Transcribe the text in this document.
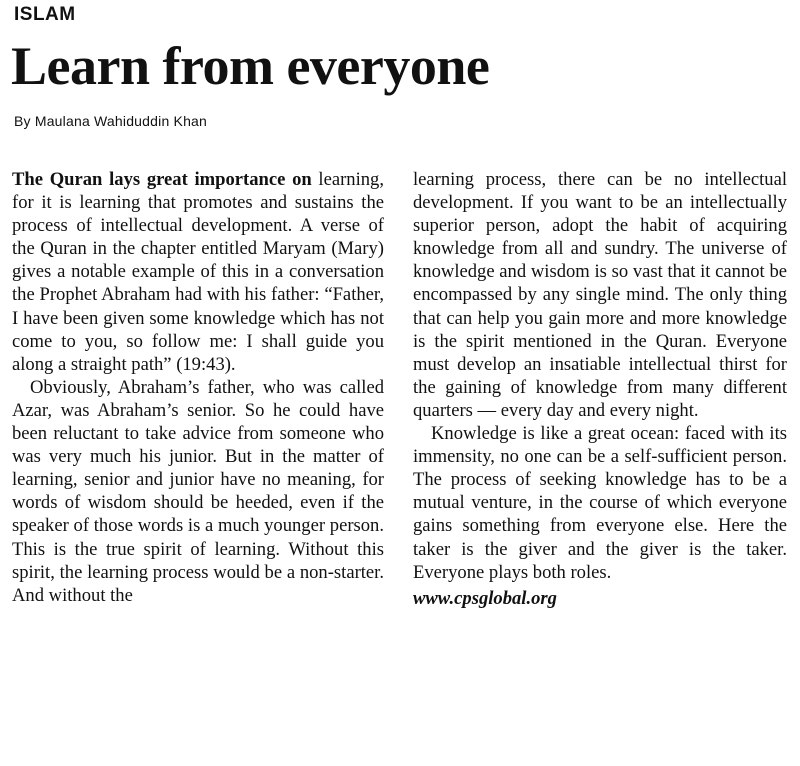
ISLAM
Learn from everyone
By Maulana Wahiduddin Khan

The Quran lays great importance on learning, for it is learning that promotes and sustains the process of intellectual development. A verse of the Quran in the chapter entitled Maryam (Mary) gives a notable example of this in a conversation the Prophet Abraham had with his father: “Father, I have been given some knowledge which has not come to you, so follow me: I shall guide you along a straight path” (19:43).

Obviously, Abraham’s father, who was called Azar, was Abraham’s senior. So he could have been reluctant to take advice from someone who was very much his junior. But in the matter of learning, senior and junior have no meaning, for words of wisdom should be heeded, even if the speaker of those words is a much younger person. This is the true spirit of learning. Without this spirit, the learning process would be a non-starter. And without the

learning process, there can be no intellectual development. If you want to be an intellectually superior person, adopt the habit of acquiring knowledge from all and sundry. The universe of knowledge and wisdom is so vast that it cannot be encompassed by any single mind. The only thing that can help you gain more and more knowledge is the spirit mentioned in the Quran. Everyone must develop an insatiable intellectual thirst for the gaining of knowledge from many different quarters — every day and every night.

Knowledge is like a great ocean: faced with its immensity, no one can be a self-sufficient person. The process of seeking knowledge has to be a mutual venture, in the course of which everyone gains something from everyone else. Here the taker is the giver and the giver is the taker. Everyone plays both roles.

www.cpsglobal.org
